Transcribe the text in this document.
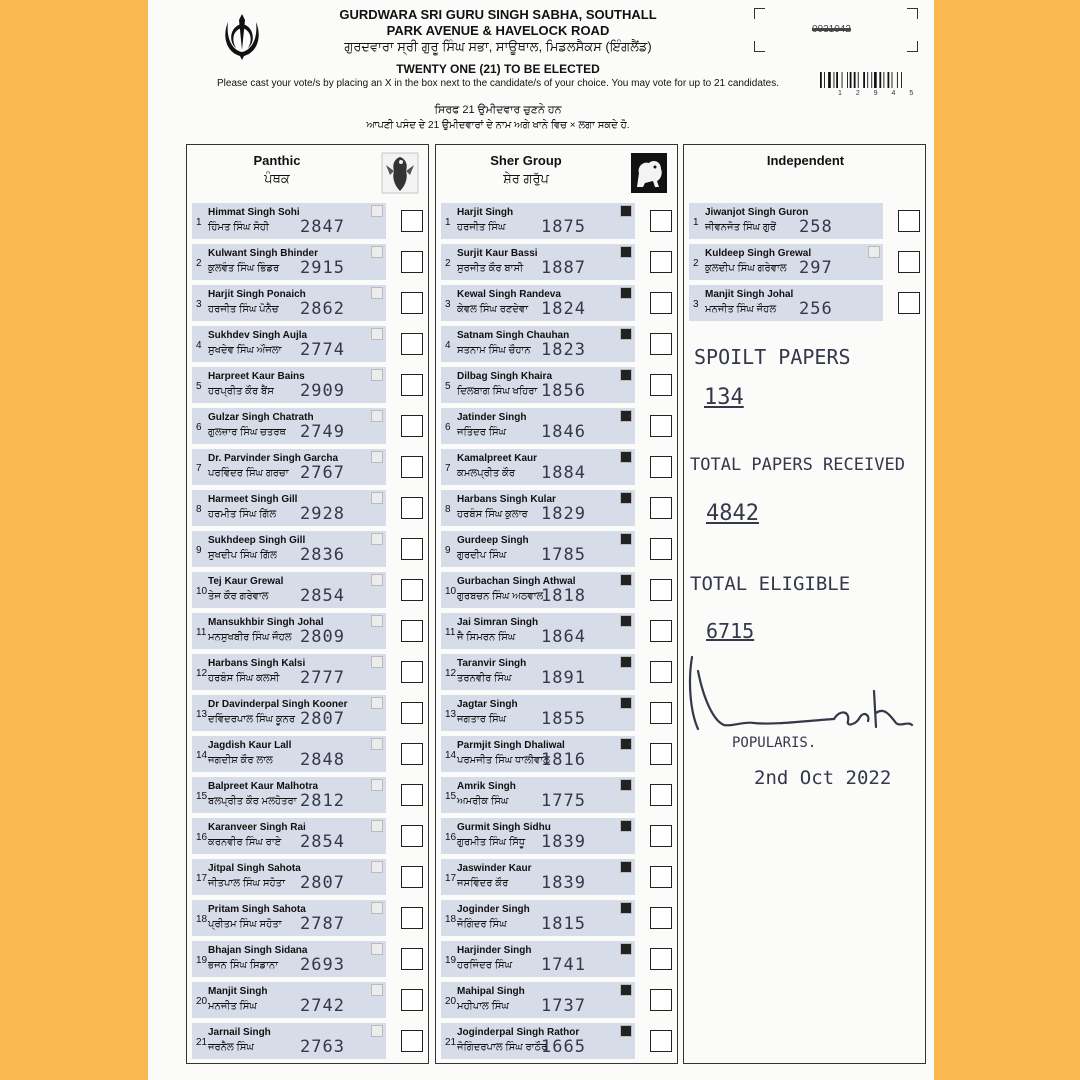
GURDWARA SRI GURU SINGH SABHA, SOUTHALL
PARK AVENUE & HAVELOCK ROAD
ਗੁਰਦਵਾਰਾ ਸ੍ਰੀ ਗੁਰੂ ਸਿੰਘ ਸਭਾ, ਸਾਊਥਾਲ, ਮਿਡਲਸੈਕਸ (ਇੰਗਲੈਂਡ)
TWENTY ONE (21) TO BE ELECTED
Please cast your vote/s by placing an X in the box next to the candidate/s of your choice. You may vote for up to 21 candidates.
ਸਿਰਫ 21 ਉਮੀਦਵਾਰ ਚੁਣਨੇ ਹਨ
ਆਪਣੀ ਪਸੰਦ ਦੇ 21 ਉਮੀਦਵਾਰਾਂ ਦੇ ਨਾਮ ਅਗੇ ਖਾਨੇ ਵਿਚ × ਲਗਾ ਸਕਦੇ ਹੋ.
0031042
1 2 9 4 5
Panthic
ਪੰਥਕ
1
Himmat Singh Sohi
ਹਿੰਮਤ ਸਿੰਘ ਸੋਹੀ 2847
2
Kulwant Singh Bhinder
ਕੁਲਵੰਤ ਸਿੰਘ ਭਿੰਡਰ 2915
3
Harjit Singh Ponaich
ਹਰਜੀਤ ਸਿੰਘ ਪੋਨੈਚ 2862
4
Sukhdev Singh Aujla
ਸੁਖਦੇਵ ਸਿੰਘ ਔਜਲਾ 2774
5
Harpreet Kaur Bains
ਹਰਪ੍ਰੀਤ ਕੌਰ ਬੈਂਸ 2909
6
Gulzar Singh Chatrath
ਗੁਲਜ਼ਾਰ ਸਿੰਘ ਚਤਰਥ 2749
7
Dr. Parvinder Singh Garcha
ਪਰਵਿੰਦਰ ਸਿੰਘ ਗਰਚਾ 2767
8
Harmeet Singh Gill
ਹਰਮੀਤ ਸਿੰਘ ਗਿੱਲ 2928
9
Sukhdeep Singh Gill
ਸੁਖਦੀਪ ਸਿੰਘ ਗਿੱਲ 2836
10
Tej Kaur Grewal
ਤੇਜ ਕੌਰ ਗਰੇਵਾਲ 2854
11
Mansukhbir Singh Johal
ਮਨਸੁਖਬੀਰ ਸਿੰਘ ਜੌਹਲ 2809
12
Harbans Singh Kalsi
ਹਰਬੰਸ ਸਿੰਘ ਕਲਸੀ 2777
13
Dr Davinderpal Singh Kooner
ਦਵਿੰਦਰਪਾਲ ਸਿੰਘ ਕੂਨਰ 2807
14
Jagdish Kaur Lall
ਜਗਦੀਸ਼ ਕੌਰ ਲਾਲ 2848
15
Balpreet Kaur Malhotra
ਬਲਪ੍ਰੀਤ ਕੌਰ ਮਲਹੋਤਰਾ 2812
16
Karanveer Singh Rai
ਕਰਨਵੀਰ ਸਿੰਘ ਰਾਏ 2854
17
Jitpal Singh Sahota
ਜੀਤਪਾਲ ਸਿੰਘ ਸਹੋਤਾ 2807
18
Pritam Singh Sahota
ਪ੍ਰੀਤਮ ਸਿੰਘ ਸਹੋਤਾ 2787
19
Bhajan Singh Sidana
ਭਜਨ ਸਿੰਘ ਸਿਡਾਨਾ 2693
20
Manjit Singh
ਮਨਜੀਤ ਸਿੰਘ	2742
21
Jarnail Singh
ਜਰਨੈਲ ਸਿੰਘ	2763
Sher Group
ਸ਼ੇਰ ਗਰੁੱਪ
1
Harjit Singh
ਹਰਜੀਤ ਸਿੰਘ 1875
2
Surjit Kaur Bassi
ਸੁਰਜੀਤ ਕੌਰ ਬਾਸੀ 1887
3
Kewal Singh Randeva
ਕੇਵਲ ਸਿੰਘ ਰਣਦੇਵਾ 1824
4
Satnam Singh Chauhan
ਸਤਨਾਮ ਸਿੰਘ ਚੌਹਾਨ 1823
5
Dilbag Singh Khaira
ਦਿਲਬਾਗ ਸਿੰਘ ਖਹਿਰਾ 1856
6
Jatinder Singh
ਜਤਿੰਦਰ ਸਿੰਘ 1846
7
Kamalpreet Kaur
ਕਮਲਪ੍ਰੀਤ ਕੌਰ 1884
8
Harbans Singh Kular
ਹਰਬੰਸ ਸਿੰਘ ਕੁਲਾਰ 1829
9
Gurdeep Singh
ਗੁਰਦੀਪ ਸਿੰਘ 1785
10
Gurbachan Singh Athwal
ਗੁਰਬਚਨ ਸਿੰਘ ਅਠਵਾਲ
1818
11
Jai Simran Singh
ਜੈ ਸਿਮਰਨ ਸਿੰਘ 1864
12
Taranvir Singh
ਤਰਨਵੀਰ ਸਿੰਘ 1891
13
Jagtar Singh
ਜਗਤਾਰ ਸਿੰਘ 1855
14
Parmjit Singh Dhaliwal
ਪਰਮਜੀਤ ਸਿੰਘ ਧਾਲੀਵਾਲ
1816
15
Amrik Singh
ਅਮਰੀਕ ਸਿੰਘ 1775
16
Gurmit Singh Sidhu
ਗੁਰਮੀਤ ਸਿੰਘ ਸਿੱਧੂ 1839
17
Jaswinder Kaur
ਜਸਵਿੰਦਰ ਕੌਰ 1839
18
Joginder Singh
ਜੋਗਿੰਦਰ ਸਿੰਘ 1815
19
Harjinder Singh
ਹਰਜਿੰਦਰ ਸਿੰਘ 1741
20
Mahipal Singh
ਮਹੀਪਾਲ ਸਿੰਘ 1737
21
Joginderpal Singh Rathor
ਜੋਗਿੰਦਰਪਾਲ ਸਿੰਘ ਰਾਠੌਰ
1665
Independent
1
Jiwanjot Singh Guron
ਜੀਵਨਜੋਤ ਸਿੰਘ ਗੁਰੋਂ 258
2
Kuldeep Singh Grewal
ਕੁਲਦੀਪ ਸਿੰਘ ਗਰੇਵਾਲ 297
3
Manjit Singh Johal
ਮਨਜੀਤ ਸਿੰਘ ਜੌਹਲ 256
SPOILT PAPERS
134
TOTAL PAPERS RECEIVED
4842
TOTAL ELIGIBLE
6715
POPULARIS.
2nd Oct 2022
